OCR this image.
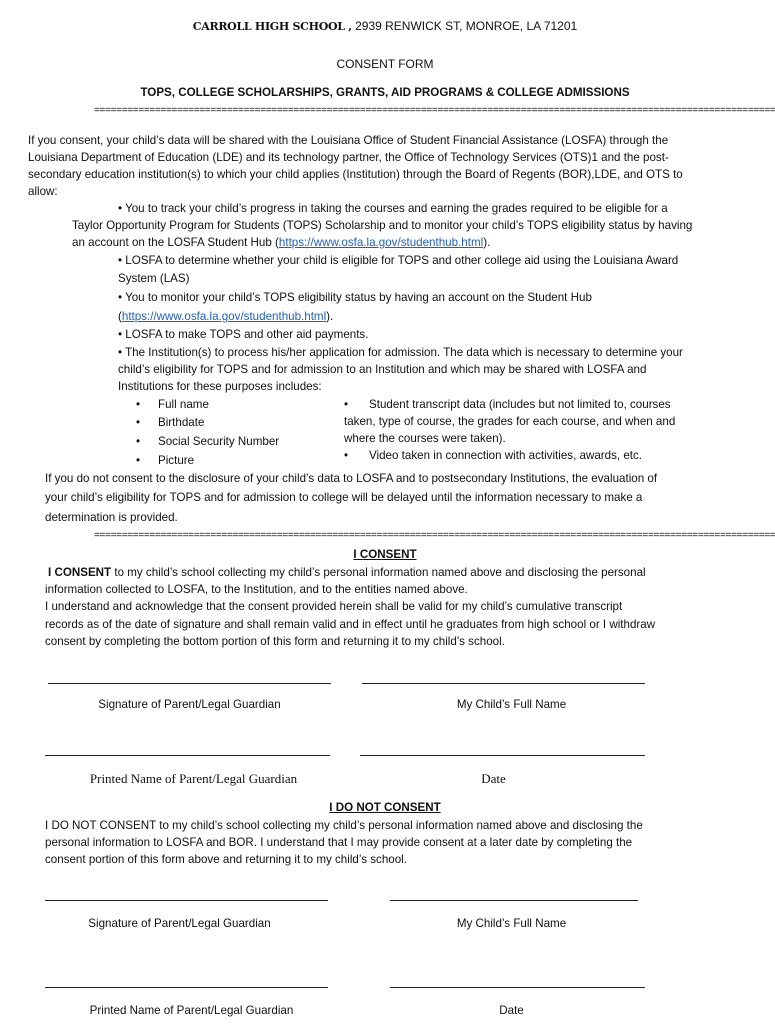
CARROLL HIGH SCHOOL , 2939 RENWICK ST, MONROE, LA 71201
CONSENT FORM
TOPS, COLLEGE SCHOLARSHIPS, GRANTS, AID PROGRAMS & COLLEGE ADMISSIONS
===========================================================================================================================
If you consent, your child’s data will be shared with the Louisiana Office of Student Financial Assistance (LOSFA) through the
Louisiana Department of Education (LDE) and its technology partner, the Office of Technology Services (OTS)1 and the post-
secondary education institution(s) to which your child applies (Institution) through the Board of Regents (BOR),LDE, and OTS to
allow:
• You to track your child’s progress in taking the courses and earning the grades required to be eligible for a
Taylor Opportunity Program for Students (TOPS) Scholarship and to monitor your child’s TOPS eligibility status by having
an account on the LOSFA Student Hub (https://www.osfa.la.gov/studenthub.html).
• LOSFA to determine whether your child is eligible for TOPS and other college aid using the Louisiana Award
System (LAS)
• You to monitor your child’s TOPS eligibility status by having an account on the Student Hub
(https://www.osfa.la.gov/studenthub.html).
• LOSFA to make TOPS and other aid payments.
• The Institution(s) to process his/her application for admission. The data which is necessary to determine your
child’s eligibility for TOPS and for admission to an Institution and which may be shared with LOSFA and
Institutions for these purposes includes:
• Full name
• Birthdate
• Social Security Number
• Picture
• Student transcript data (includes but not limited to, courses
taken, type of course, the grades for each course, and when and
where the courses were taken).
• Video taken in connection with activities, awards, etc.
If you do not consent to the disclosure of your child’s data to LOSFA and to postsecondary Institutions, the evaluation of
your child’s eligibility for TOPS and for admission to college will be delayed until the information necessary to make a
determination is provided.
===========================================================================================================================
I CONSENT
I CONSENT to my child’s school collecting my child’s personal information named above and disclosing the personal
information collected to LOSFA, to the Institution, and to the entities named above.
I understand and acknowledge that the consent provided herein shall be valid for my child’s cumulative transcript
records as of the date of signature and shall remain valid and in effect until he graduates from high school or I withdraw
consent by completing the bottom portion of this form and returning it to my child’s school.
Signature of Parent/Legal Guardian	My Child’s Full Name
Printed Name of Parent/Legal Guardian	Date
I DO NOT CONSENT
I DO NOT CONSENT to my child’s school collecting my child’s personal information named above and disclosing the
personal information to LOSFA and BOR. I understand that I may provide consent at a later date by completing the
consent portion of this form above and returning it to my child’s school.
Signature of Parent/Legal Guardian	My Child’s Full Name
Printed Name of Parent/Legal Guardian	Date
